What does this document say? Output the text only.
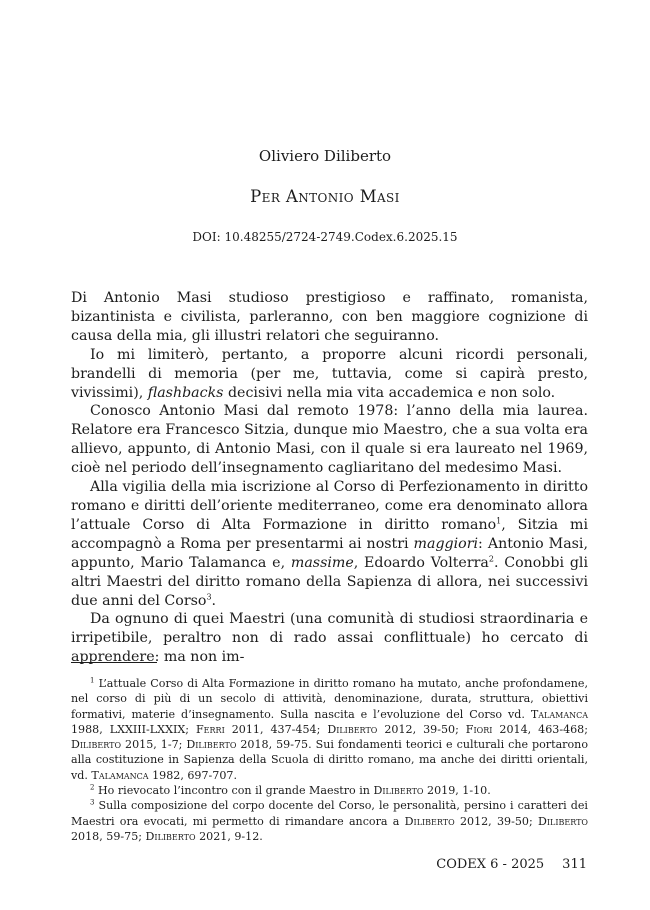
Oliviero Diliberto
Per Antonio Masi
DOI: 10.48255/2724-2749.Codex.6.2025.15

Di Antonio Masi studioso prestigioso e raffinato, romanista, bizantinista e civilista, parleranno, con ben maggiore cognizione di causa della mia, gli illustri relatori che seguiranno.

Io mi limiterò, pertanto, a proporre alcuni ricordi personali, brandelli di memoria (per me, tuttavia, come si capirà presto, vivissimi), flashbacks decisivi nella mia vita accademica e non solo.

Conosco Antonio Masi dal remoto 1978: l’anno della mia laurea. Relatore era Francesco Sitzia, dunque mio Maestro, che a sua volta era allievo, appunto, di Antonio Masi, con il quale si era laureato nel 1969, cioè nel periodo dell’insegnamento cagliaritano del medesimo Masi.

Alla vigilia della mia iscrizione al Corso di Perfezionamento in diritto romano e diritti dell’oriente mediterraneo, come era denominato allora l’attuale Corso di Alta Formazione in diritto romano$^1$, Sitzia mi accompagnò a Roma per presentarmi ai nostri maggiori: Antonio Masi, appunto, Mario Talamanca e, massime, Edoardo Volterra$^2$. Conobbi gli altri Maestri del diritto romano della Sapienza di allora, nei successivi due anni del Corso$^3$.

Da ognuno di quei Maestri (una comunità di studiosi straordinaria e irripetibile, peraltro non di rado assai conflittuale) ho cercato di apprendere: ma non im-

$^1$ L’attuale Corso di Alta Formazione in diritto romano ha mutato, anche profondamene, nel corso di più di un secolo di attività, denominazione, durata, struttura, obiettivi formativi, materie d’insegnamento. Sulla nascita e l’evoluzione del Corso vd. Talamanca 1988, LXXIII-LXXIX; Ferri 2011, 437-454; Diliberto 2012, 39-50; Fiori 2014, 463-468; Diliberto 2015, 1-7; Diliberto 2018, 59-75. Sui fondamenti teorici e culturali che portarono alla costituzione in Sapienza della Scuola di diritto romano, ma anche dei diritti orientali, vd. Talamanca 1982, 697-707.

$^2$ Ho rievocato l’incontro con il grande Maestro in Diliberto 2019, 1-10.

$^3$ Sulla composizione del corpo docente del Corso, le personalità, persino i caratteri dei Maestri ora evocati, mi permetto di rimandare ancora a Diliberto 2012, 39-50; Diliberto 2018, 59-75; Diliberto 2021, 9-12.

CODEX 6 - 2025 311
